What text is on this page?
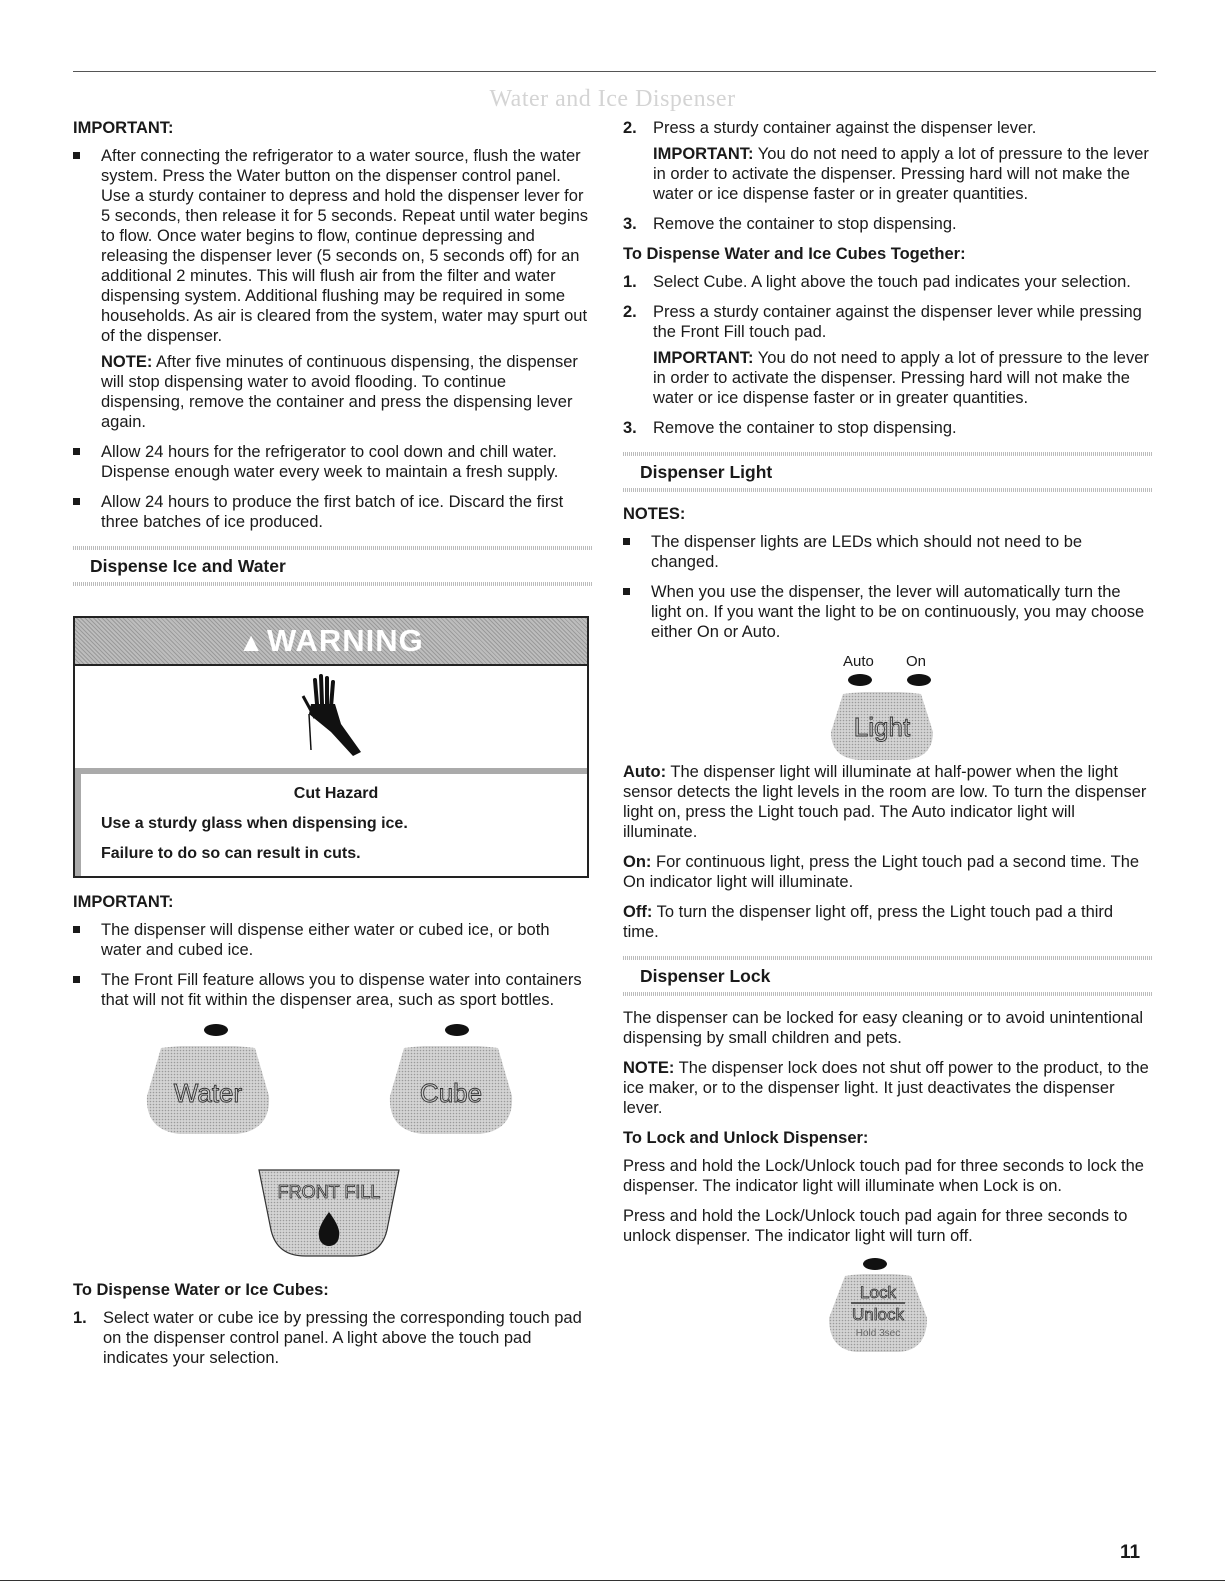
Water and Ice Dispenser
IMPORTANT:
After connecting the refrigerator to a water source, flush the water system. Press the Water button on the dispenser control panel. Use a sturdy container to depress and hold the dispenser lever for 5 seconds, then release it for 5 seconds. Repeat until water begins to flow. Once water begins to flow, continue depressing and releasing the dispenser lever (5 seconds on, 5 seconds off) for an additional 2 minutes. This will flush air from the filter and water dispensing system. Additional flushing may be required in some households. As air is cleared from the system, water may spurt out of the dispenser.

NOTE: After five minutes of continuous dispensing, the dispenser will stop dispensing water to avoid flooding. To continue dispensing, remove the container and press the dispensing lever again.

Allow 24 hours for the refrigerator to cool down and chill water. Dispense enough water every week to maintain a fresh supply.
Allow 24 hours to produce the first batch of ice. Discard the first three batches of ice produced.
Dispense Ice and Water
▲WARNING
Cut Hazard

Use a sturdy glass when dispensing ice.

Failure to do so can result in cuts.

IMPORTANT:
The dispenser will dispense either water or cubed ice, or both water and cubed ice.
The Front Fill feature allows you to dispense water into containers that will not fit within the dispenser area, such as sport bottles.
Water	Cube
FRONT FILL
To Dispense Water or Ice Cubes:
1. Select water or cube ice by pressing the corresponding touch pad on the dispenser control panel. A light above the touch pad indicates your selection.
2. Press a sturdy container against the dispenser lever.

IMPORTANT: You do not need to apply a lot of pressure to the lever in order to activate the dispenser. Pressing hard will not make the water or ice dispense faster or in greater quantities.

3. Remove the container to stop dispensing.
To Dispense Water and Ice Cubes Together:
1. Select Cube. A light above the touch pad indicates your selection.
2. Press a sturdy container against the dispenser lever while pressing the Front Fill touch pad.

IMPORTANT: You do not need to apply a lot of pressure to the lever in order to activate the dispenser. Pressing hard will not make the water or ice dispense faster or in greater quantities.

3. Remove the container to stop dispensing.
Dispenser Light
NOTES:
The dispenser lights are LEDs which should not need to be changed.
When you use the dispenser, the lever will automatically turn the light on. If you want the light to be on continuously, you may choose either On or Auto.
Auto On
Light

Auto: The dispenser light will illuminate at half-power when the light sensor detects the light levels in the room are low. To turn the dispenser light on, press the Light touch pad. The Auto indicator light will illuminate.

On: For continuous light, press the Light touch pad a second time. The On indicator light will illuminate.

Off: To turn the dispenser light off, press the Light touch pad a third time.

Dispenser Lock

The dispenser can be locked for easy cleaning or to avoid unintentional dispensing by small children and pets.

NOTE: The dispenser lock does not shut off power to the product, to the ice maker, or to the dispenser light. It just deactivates the dispenser lever.

To Lock and Unlock Dispenser:

Press and hold the Lock/Unlock touch pad for three seconds to lock the dispenser. The indicator light will illuminate when Lock is on.

Press and hold the Lock/Unlock touch pad again for three seconds to unlock dispenser. The indicator light will turn off.

Lock
Unlock
Hold 3sec
11
